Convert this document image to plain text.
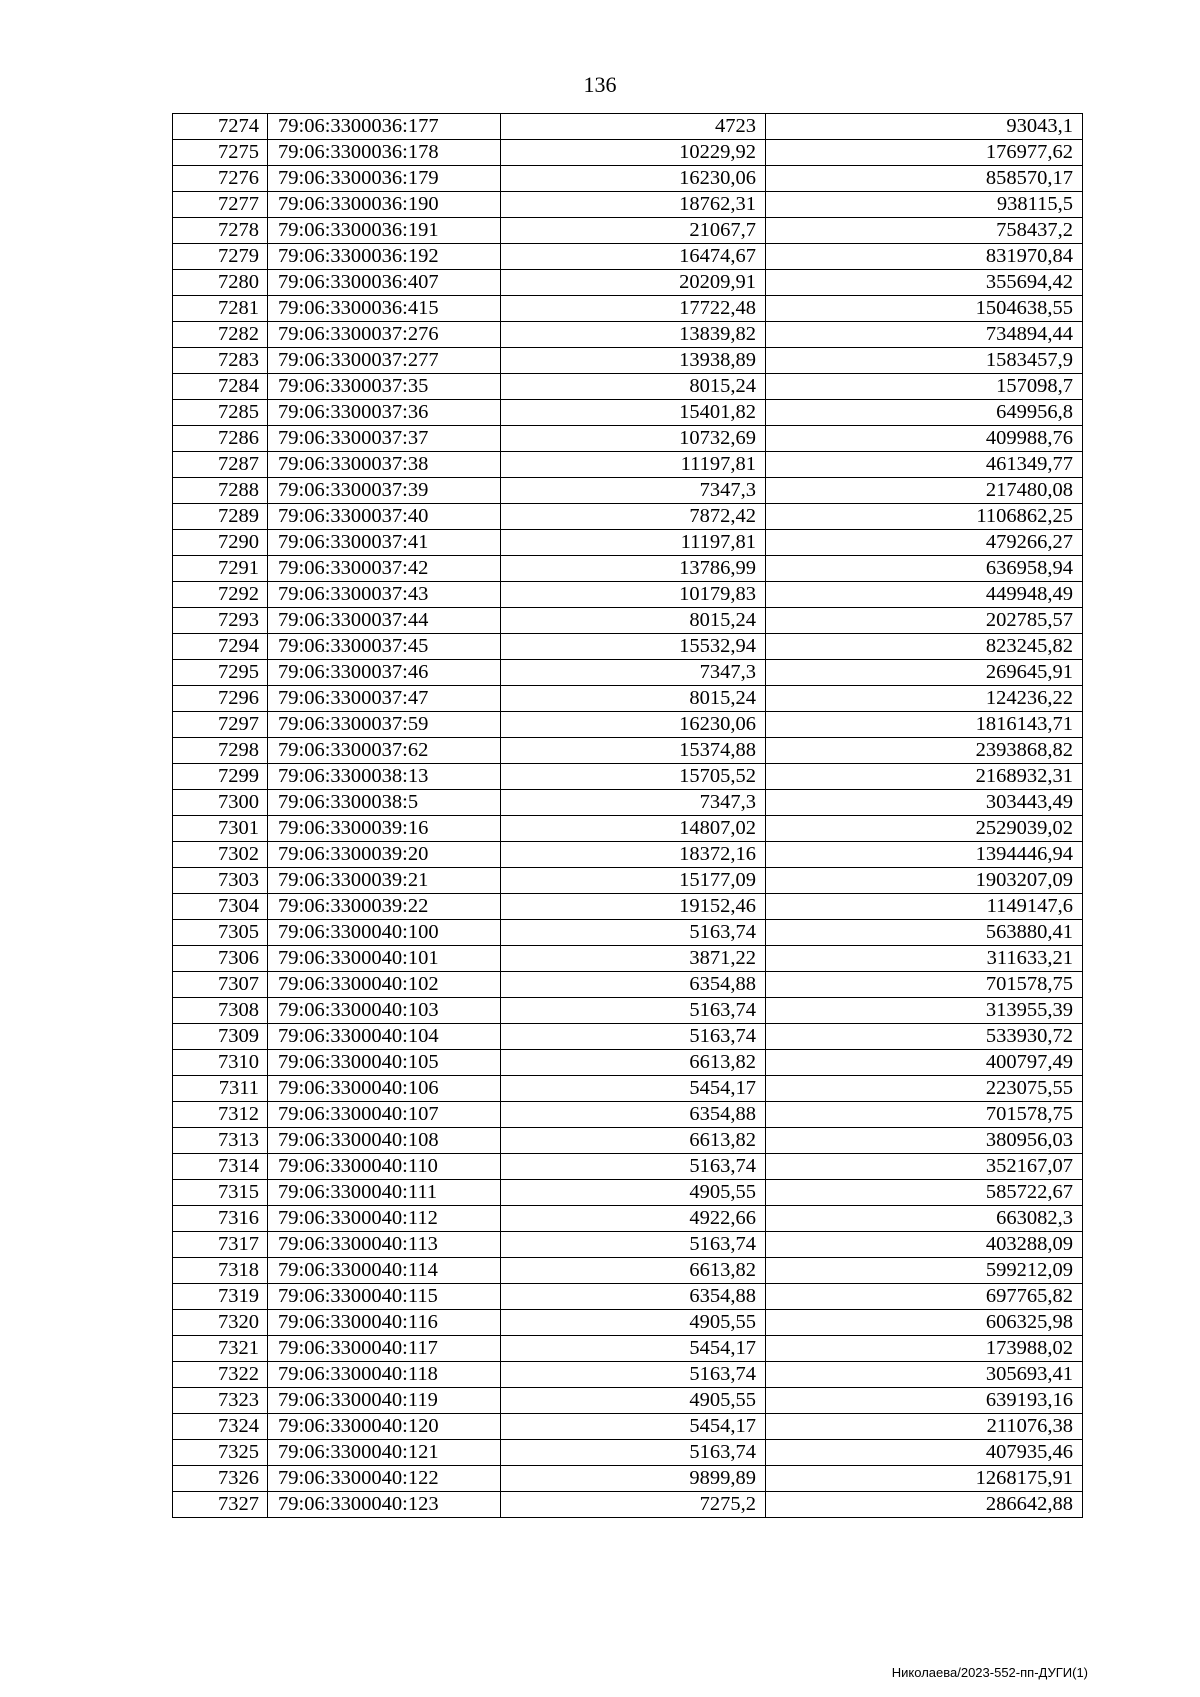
136
7274	79:06:3300036:177	4723	93043,1
7275	79:06:3300036:178	10229,92	176977,62
7276	79:06:3300036:179	16230,06	858570,17
7277	79:06:3300036:190	18762,31	938115,5
7278	79:06:3300036:191	21067,7	758437,2
7279	79:06:3300036:192	16474,67	831970,84
7280	79:06:3300036:407	20209,91	355694,42
7281	79:06:3300036:415	17722,48	1504638,55
7282	79:06:3300037:276	13839,82	734894,44
7283	79:06:3300037:277	13938,89	1583457,9
7284	79:06:3300037:35	8015,24	157098,7
7285	79:06:3300037:36	15401,82	649956,8
7286	79:06:3300037:37	10732,69	409988,76
7287	79:06:3300037:38	11197,81	461349,77
7288	79:06:3300037:39	7347,3	217480,08
7289	79:06:3300037:40	7872,42	1106862,25
7290	79:06:3300037:41	11197,81	479266,27
7291	79:06:3300037:42	13786,99	636958,94
7292	79:06:3300037:43	10179,83	449948,49
7293	79:06:3300037:44	8015,24	202785,57
7294	79:06:3300037:45	15532,94	823245,82
7295	79:06:3300037:46	7347,3	269645,91
7296	79:06:3300037:47	8015,24	124236,22
7297	79:06:3300037:59	16230,06	1816143,71
7298	79:06:3300037:62	15374,88	2393868,82
7299	79:06:3300038:13	15705,52	2168932,31
7300	79:06:3300038:5	7347,3	303443,49
7301	79:06:3300039:16	14807,02	2529039,02
7302	79:06:3300039:20	18372,16	1394446,94
7303	79:06:3300039:21	15177,09	1903207,09
7304	79:06:3300039:22	19152,46	1149147,6
7305	79:06:3300040:100	5163,74	563880,41
7306	79:06:3300040:101	3871,22	311633,21
7307	79:06:3300040:102	6354,88	701578,75
7308	79:06:3300040:103	5163,74	313955,39
7309	79:06:3300040:104	5163,74	533930,72
7310	79:06:3300040:105	6613,82	400797,49
7311	79:06:3300040:106	5454,17	223075,55
7312	79:06:3300040:107	6354,88	701578,75
7313	79:06:3300040:108	6613,82	380956,03
7314	79:06:3300040:110	5163,74	352167,07
7315	79:06:3300040:111	4905,55	585722,67
7316	79:06:3300040:112	4922,66	663082,3
7317	79:06:3300040:113	5163,74	403288,09
7318	79:06:3300040:114	6613,82	599212,09
7319	79:06:3300040:115	6354,88	697765,82
7320	79:06:3300040:116	4905,55	606325,98
7321	79:06:3300040:117	5454,17	173988,02
7322	79:06:3300040:118	5163,74	305693,41
7323	79:06:3300040:119	4905,55	639193,16
7324	79:06:3300040:120	5454,17	211076,38
7325	79:06:3300040:121	5163,74	407935,46
7326	79:06:3300040:122	9899,89	1268175,91
7327	79:06:3300040:123	7275,2	286642,88
Николаева/2023-552-пп-ДУГИ(1)
